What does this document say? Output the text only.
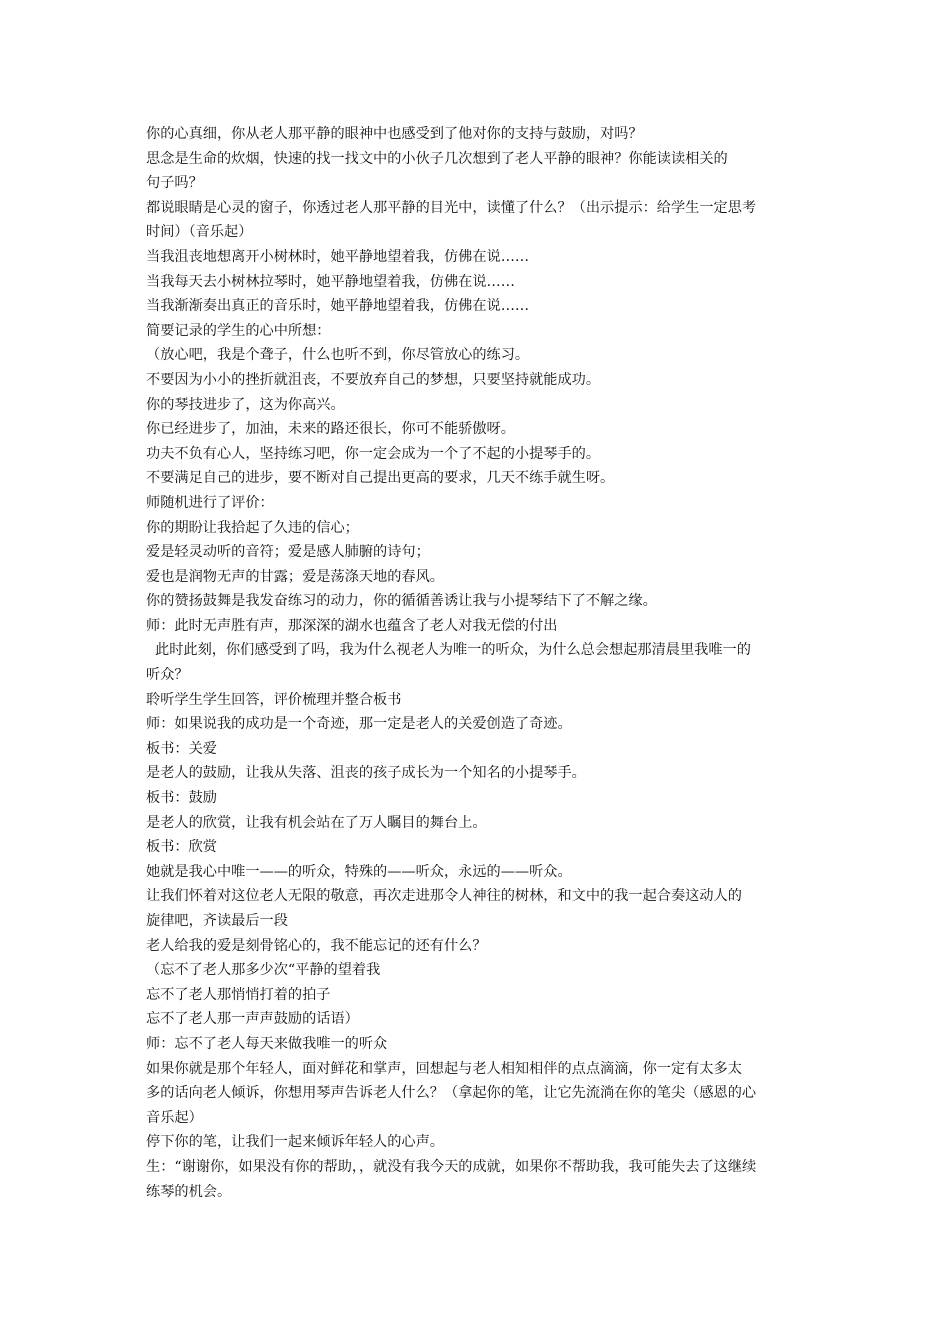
你的心真细，你从老人那平静的眼神中也感受到了他对你的支持与鼓励，对吗？
思念是生命的炊烟，快速的找一找文中的小伙子几次想到了老人平静的眼神？你能读读相关的
句子吗？
都说眼睛是心灵的窗子，你透过老人那平静的目光中，读懂了什么？（出示提示：给学生一定思考
时间）（音乐起）
当我沮丧地想离开小树林时，她平静地望着我，仿佛在说……
当我每天去小树林拉琴时，她平静地望着我，仿佛在说……
当我渐渐奏出真正的音乐时，她平静地望着我，仿佛在说……
简要记录的学生的心中所想：
（放心吧，我是个聋子，什么也听不到，你尽管放心的练习。
不要因为小小的挫折就沮丧，不要放弃自己的梦想，只要坚持就能成功。
你的琴技进步了，这为你高兴。
你已经进步了，加油，未来的路还很长，你可不能骄傲呀。
功夫不负有心人，坚持练习吧，你一定会成为一个了不起的小提琴手的。
不要满足自己的进步，要不断对自己提出更高的要求，几天不练手就生呀。
师随机进行了评价：
你的期盼让我拾起了久违的信心；
爱是轻灵动听的音符；爱是感人肺腑的诗句；
爱也是润物无声的甘露；爱是荡涤天地的春风。
你的赞扬鼓舞是我发奋练习的动力，你的循循善诱让我与小提琴结下了不解之缘。
师：此时无声胜有声，那深深的湖水也蕴含了老人对我无偿的付出
此时此刻，你们感受到了吗，我为什么视老人为唯一的听众，为什么总会想起那清晨里我唯一的
听众？
聆听学生学生回答，评价梳理并整合板书
师：如果说我的成功是一个奇迹，那一定是老人的关爱创造了奇迹。
板书：关爱
是老人的鼓励，让我从失落、沮丧的孩子成长为一个知名的小提琴手。
板书：鼓励
是老人的欣赏，让我有机会站在了万人瞩目的舞台上。
板书：欣赏
她就是我心中唯一——的听众，特殊的——听众，永远的——听众。
让我们怀着对这位老人无限的敬意，再次走进那令人神往的树林，和文中的我一起合奏这动人的
旋律吧，齐读最后一段
老人给我的爱是刻骨铭心的，我不能忘记的还有什么？
（忘不了老人那多少次“平静的望着我
忘不了老人那悄悄打着的拍子
忘不了老人那一声声鼓励的话语）
师：忘不了老人每天来做我唯一的听众
如果你就是那个年轻人，面对鲜花和掌声，回想起与老人相知相伴的点点滴滴，你一定有太多太
多的话向老人倾诉，你想用琴声告诉老人什么？（拿起你的笔，让它先流淌在你的笔尖（感恩的心
音乐起）
停下你的笔，让我们一起来倾诉年轻人的心声。
生：“谢谢你，如果没有你的帮助，，就没有我今天的成就，如果你不帮助我，我可能失去了这继续
练琴的机会。
